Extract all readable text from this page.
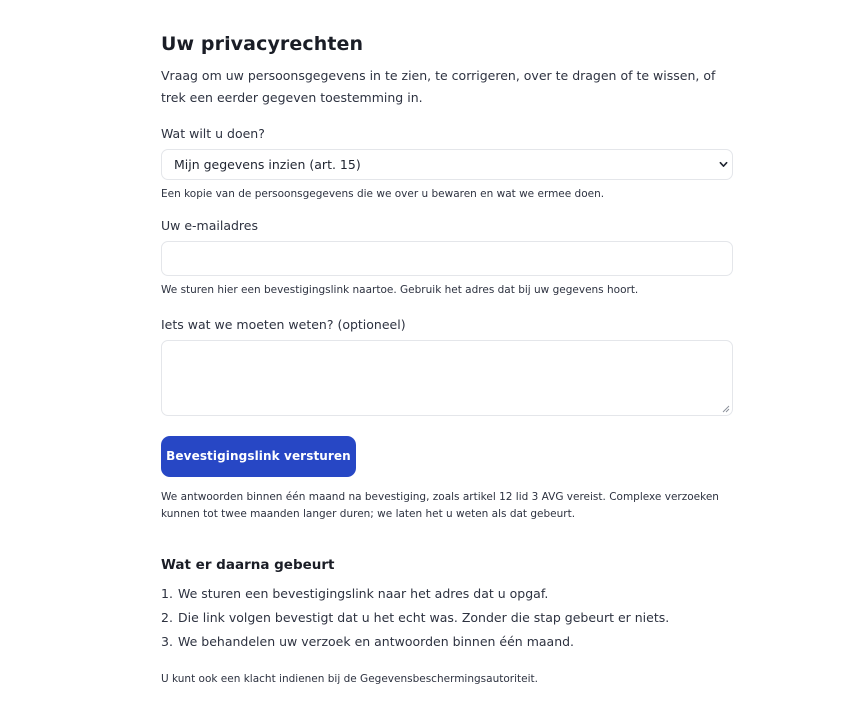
Uw privacyrechten

Vraag om uw persoonsgegevens in te zien, te corrigeren, over te dragen of te wissen, of trek een eerder gegeven toestemming in.

Wat wilt u doen?
Mijn gegevens inzien (art. 15)

Een kopie van de persoonsgegevens die we over u bewaren en wat we ermee doen.

Uw e-mailadres

We sturen hier een bevestigingslink naartoe. Gebruik het adres dat bij uw gegevens hoort.

Iets wat we moeten weten? (optioneel)
Bevestigingslink versturen

We antwoorden binnen één maand na bevestiging, zoals artikel 12 lid 3 AVG vereist. Complexe verzoeken kunnen tot twee maanden langer duren; we laten het u weten als dat gebeurt.

Wat er daarna gebeurt
1. We sturen een bevestigingslink naar het adres dat u opgaf.
2. Die link volgen bevestigt dat u het echt was. Zonder die stap gebeurt er niets.
3. We behandelen uw verzoek en antwoorden binnen één maand.

U kunt ook een klacht indienen bij de Gegevensbeschermingsautoriteit.
